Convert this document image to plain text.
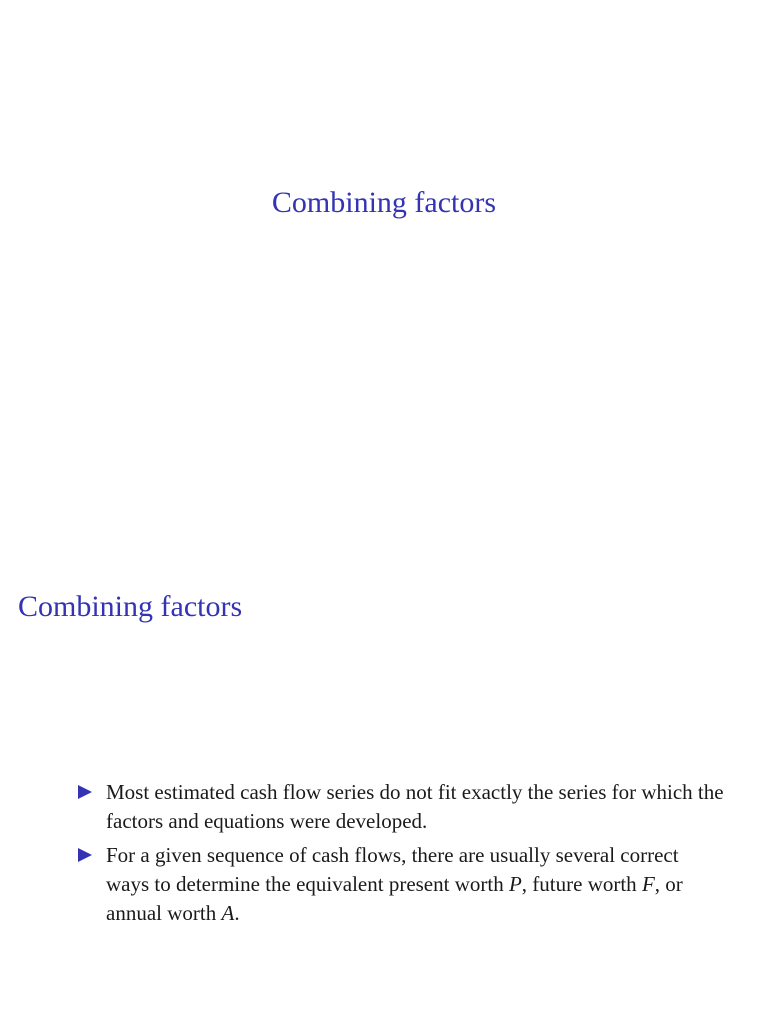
Combining factors
Combining factors
Most estimated cash flow series do not fit exactly the series for which the factors and equations were developed.
For a given sequence of cash flows, there are usually several correct ways to determine the equivalent present worth P, future worth F, or annual worth A.
